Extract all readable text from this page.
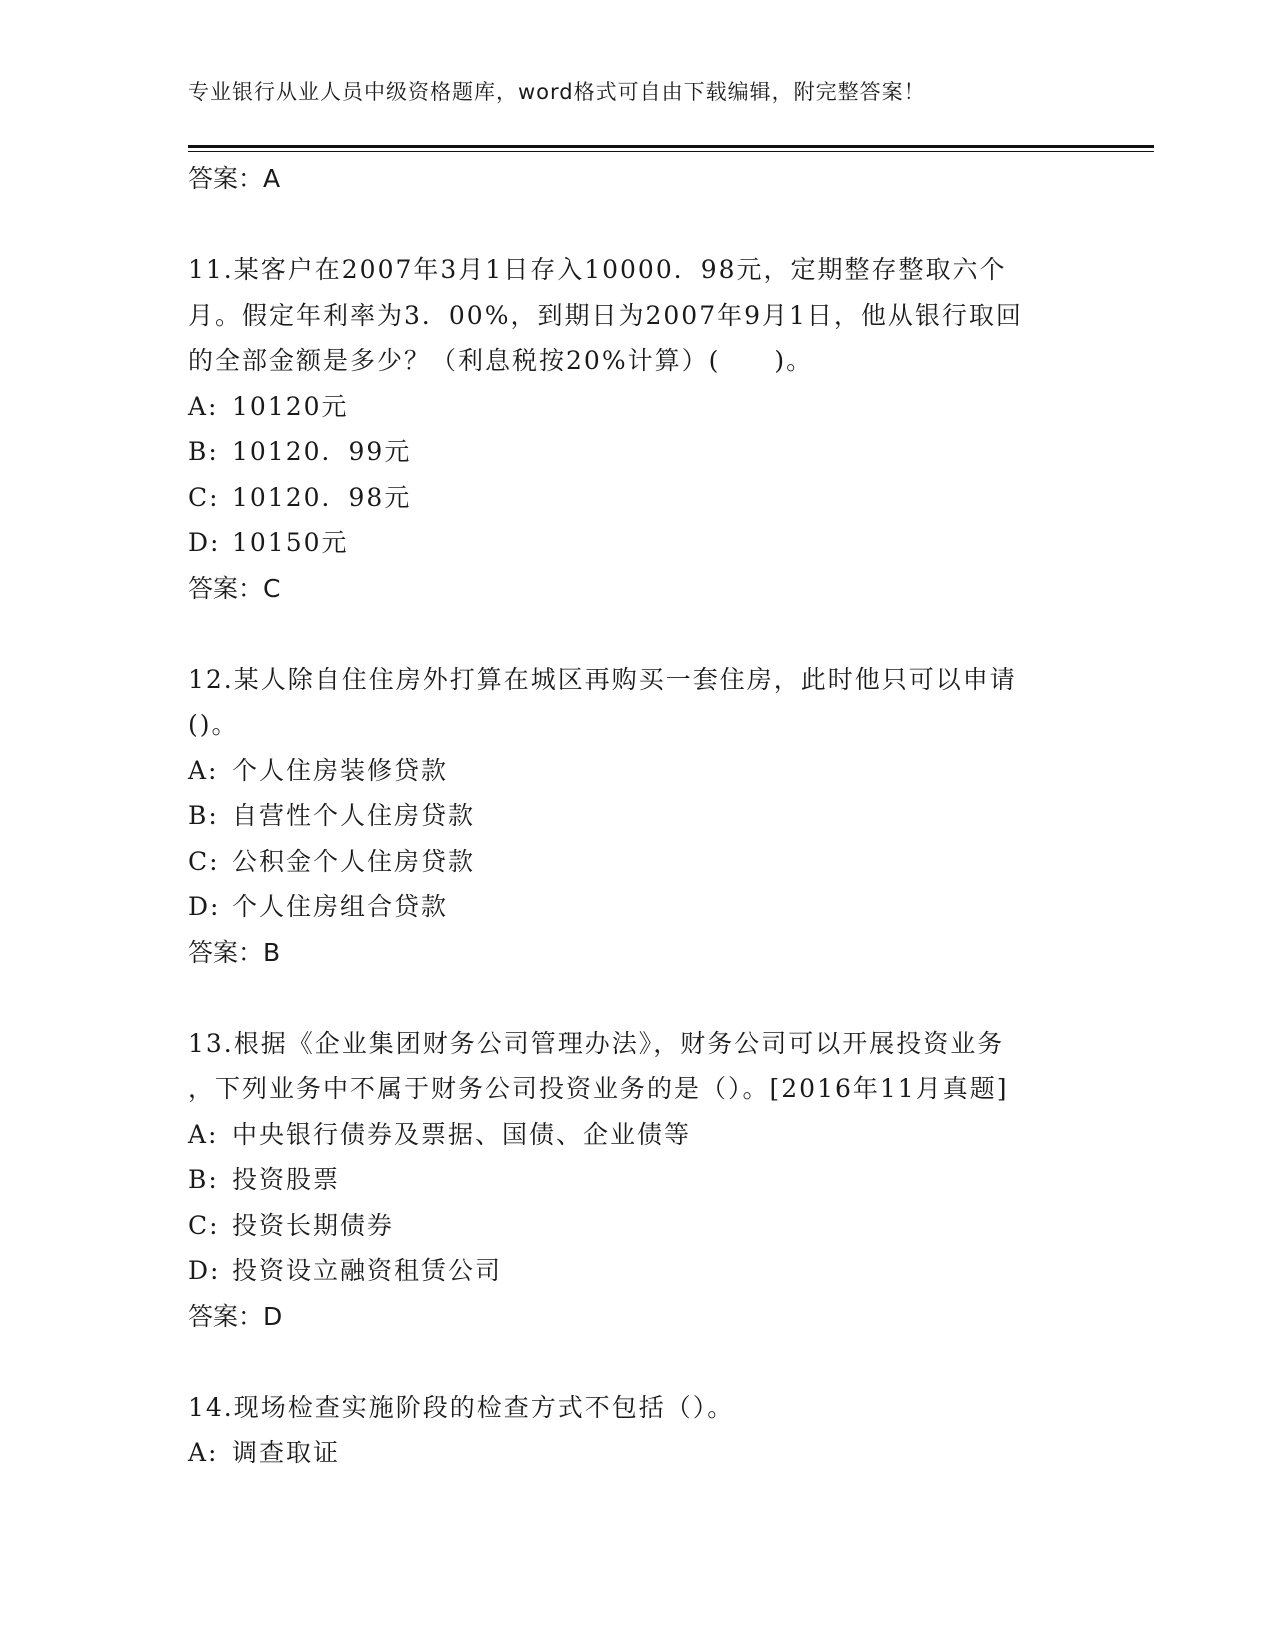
专业银行从业人员中级资格题库，word格式可自由下载编辑，附完整答案！
答案：A
11.某客户在2007年3月1日存入10000．98元，定期整存整取六个
月。假定年利率为3．00%，到期日为2007年9月1日，他从银行取回
的全部金额是多少？（利息税按20%计算）(　　)。
A: 10120元
B: 10120．99元
C: 10120．98元
D: 10150元
答案：C
12.某人除自住住房外打算在城区再购买一套住房，此时他只可以申请
()。
A: 个人住房装修贷款
B: 自营性个人住房贷款
C: 公积金个人住房贷款
D: 个人住房组合贷款
答案：B
13.根据《企业集团财务公司管理办法》，财务公司可以开展投资业务
，下列业务中不属于财务公司投资业务的是（）。[2016年11月真题]
A: 中央银行债券及票据、国债、企业债等
B: 投资股票
C: 投资长期债券
D: 投资设立融资租赁公司
答案：D
14.现场检查实施阶段的检查方式不包括（）。
A: 调查取证
